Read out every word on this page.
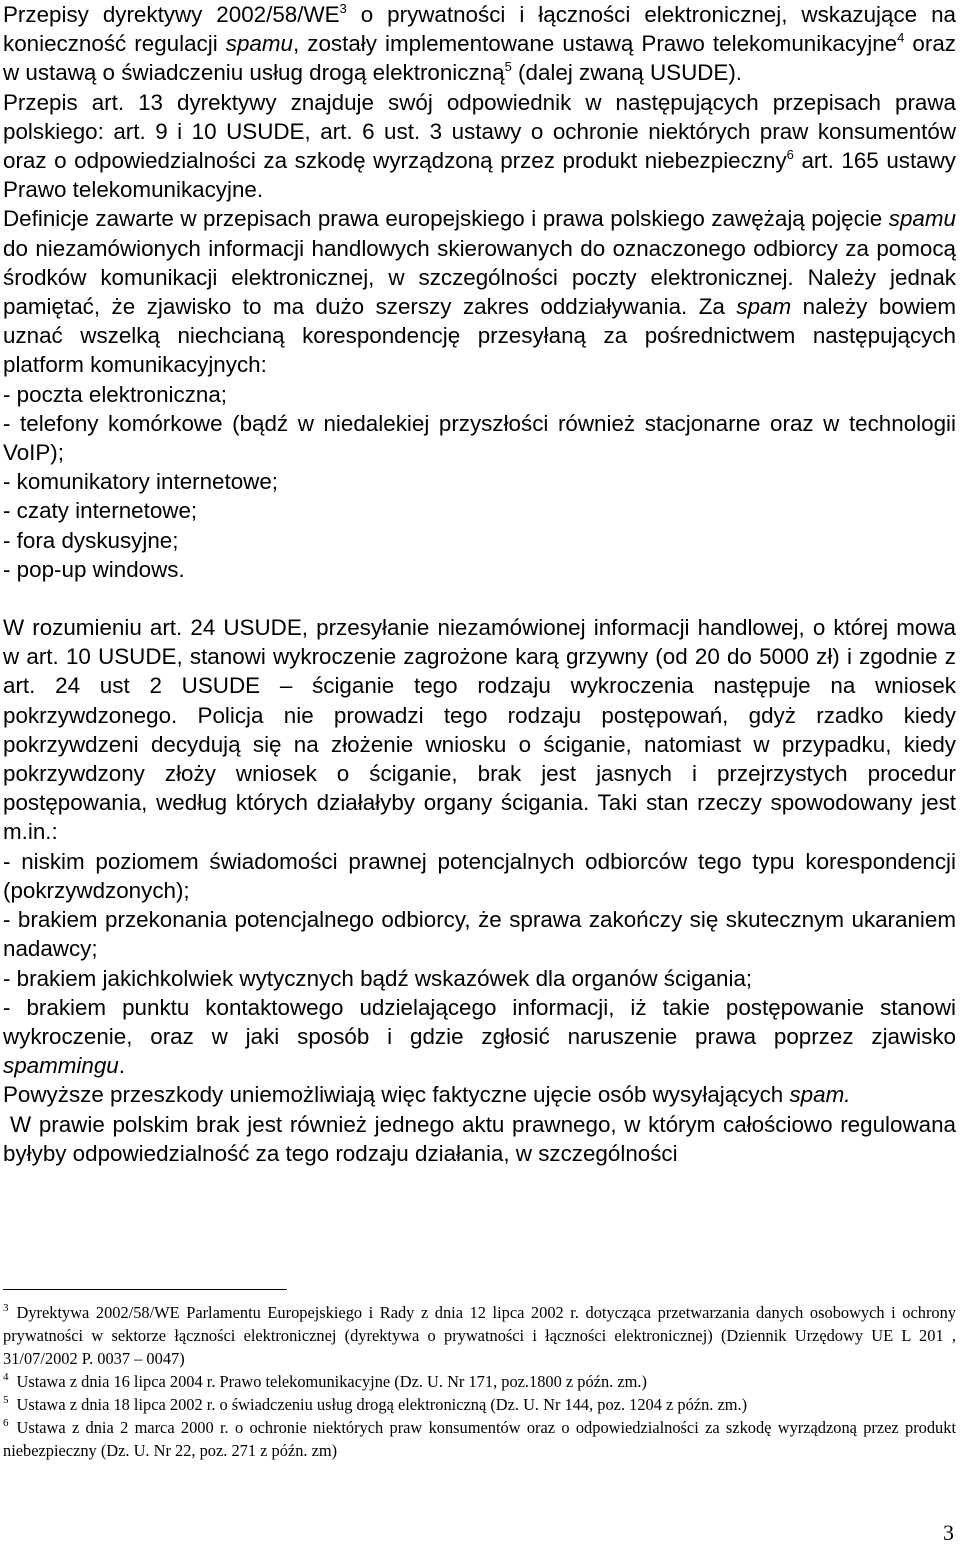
Przepisy dyrektywy $2002/58/WE^3$ o prywatności i łączności elektronicznej, wskazujące na konieczność regulacji spamu, zostały implementowane ustawą Prawo telekomunikacyjne$^4$ oraz w ustawą o świadczeniu usług drogą elektroniczną$^5$ (dalej zwaną USUDE).

Przepis art. 13 dyrektywy znajduje swój odpowiednik w następujących przepisach prawa polskiego: art. 9 i 10 USUDE, art. 6 ust. 3 ustawy o ochronie niektórych praw konsumentów oraz o odpowiedzialności za szkodę wyrządzoną przez produkt niebezpieczny$^6$ art. 165 ustawy Prawo telekomunikacyjne.

Definicje zawarte w przepisach prawa europejskiego i prawa polskiego zawężają pojęcie spamu do niezamówionych informacji handlowych skierowanych do oznaczonego odbiorcy za pomocą środków komunikacji elektronicznej, w szczególności poczty elektronicznej. Należy jednak pamiętać, że zjawisko to ma dużo szerszy zakres oddziaływania. Za spam należy bowiem uznać wszelką niechcianą korespondencję przesyłaną za pośrednictwem następujących platform komunikacyjnych:

- poczta elektroniczna;

- telefony komórkowe (bądź w niedalekiej przyszłości również stacjonarne oraz w technologii VoIP);

- komunikatory internetowe;

- czaty internetowe;

- fora dyskusyjne;

- pop-up windows.

W rozumieniu art. 24 USUDE, przesyłanie niezamówionej informacji handlowej, o której mowa w art. 10 USUDE, stanowi wykroczenie zagrożone karą grzywny (od 20 do 5000 zł) i zgodnie z art. 24 ust 2 USUDE – ściganie tego rodzaju wykroczenia następuje na wniosek pokrzywdzonego. Policja nie prowadzi tego rodzaju postępowań, gdyż rzadko kiedy pokrzywdzeni decydują się na złożenie wniosku o ściganie, natomiast w przypadku, kiedy pokrzywdzony złoży wniosek o ściganie, brak jest jasnych i przejrzystych procedur postępowania, według których działałyby organy ścigania. Taki stan rzeczy spowodowany jest m.in.:

- niskim poziomem świadomości prawnej potencjalnych odbiorców tego typu korespondencji (pokrzywdzonych);

- brakiem przekonania potencjalnego odbiorcy, że sprawa zakończy się skutecznym ukaraniem nadawcy;

- brakiem jakichkolwiek wytycznych bądź wskazówek dla organów ścigania;

- brakiem punktu kontaktowego udzielającego informacji, iż takie postępowanie stanowi wykroczenie, oraz w jaki sposób i gdzie zgłosić naruszenie prawa poprzez zjawisko spammingu.

Powyższe przeszkody uniemożliwiają więc faktyczne ujęcie osób wysyłających spam.

W prawie polskim brak jest również jednego aktu prawnego, w którym całościowo regulowana byłyby odpowiedzialność za tego rodzaju działania, w szczególności

$^3$ Dyrektywa 2002/58/WE Parlamentu Europejskiego i Rady z dnia 12 lipca 2002 r. dotycząca przetwarzania danych osobowych i ochrony prywatności w sektorze łączności elektronicznej (dyrektywa o prywatności i łączności elektronicznej) (Dziennik Urzędowy UE L 201 , 31/07/2002 P. 0037 – 0047)

$^4$ Ustawa z dnia 16 lipca 2004 r. Prawo telekomunikacyjne (Dz. U. Nr 171, poz.1800 z późn. zm.)

$^5$ Ustawa z dnia 18 lipca 2002 r. o świadczeniu usług drogą elektroniczną (Dz. U. Nr 144, poz. 1204 z późn. zm.)

$^6$ Ustawa z dnia 2 marca 2000 r. o ochronie niektórych praw konsumentów oraz o odpowiedzialności za szkodę wyrządzoną przez produkt niebezpieczny (Dz. U. Nr 22, poz. 271 z późn. zm)

3
